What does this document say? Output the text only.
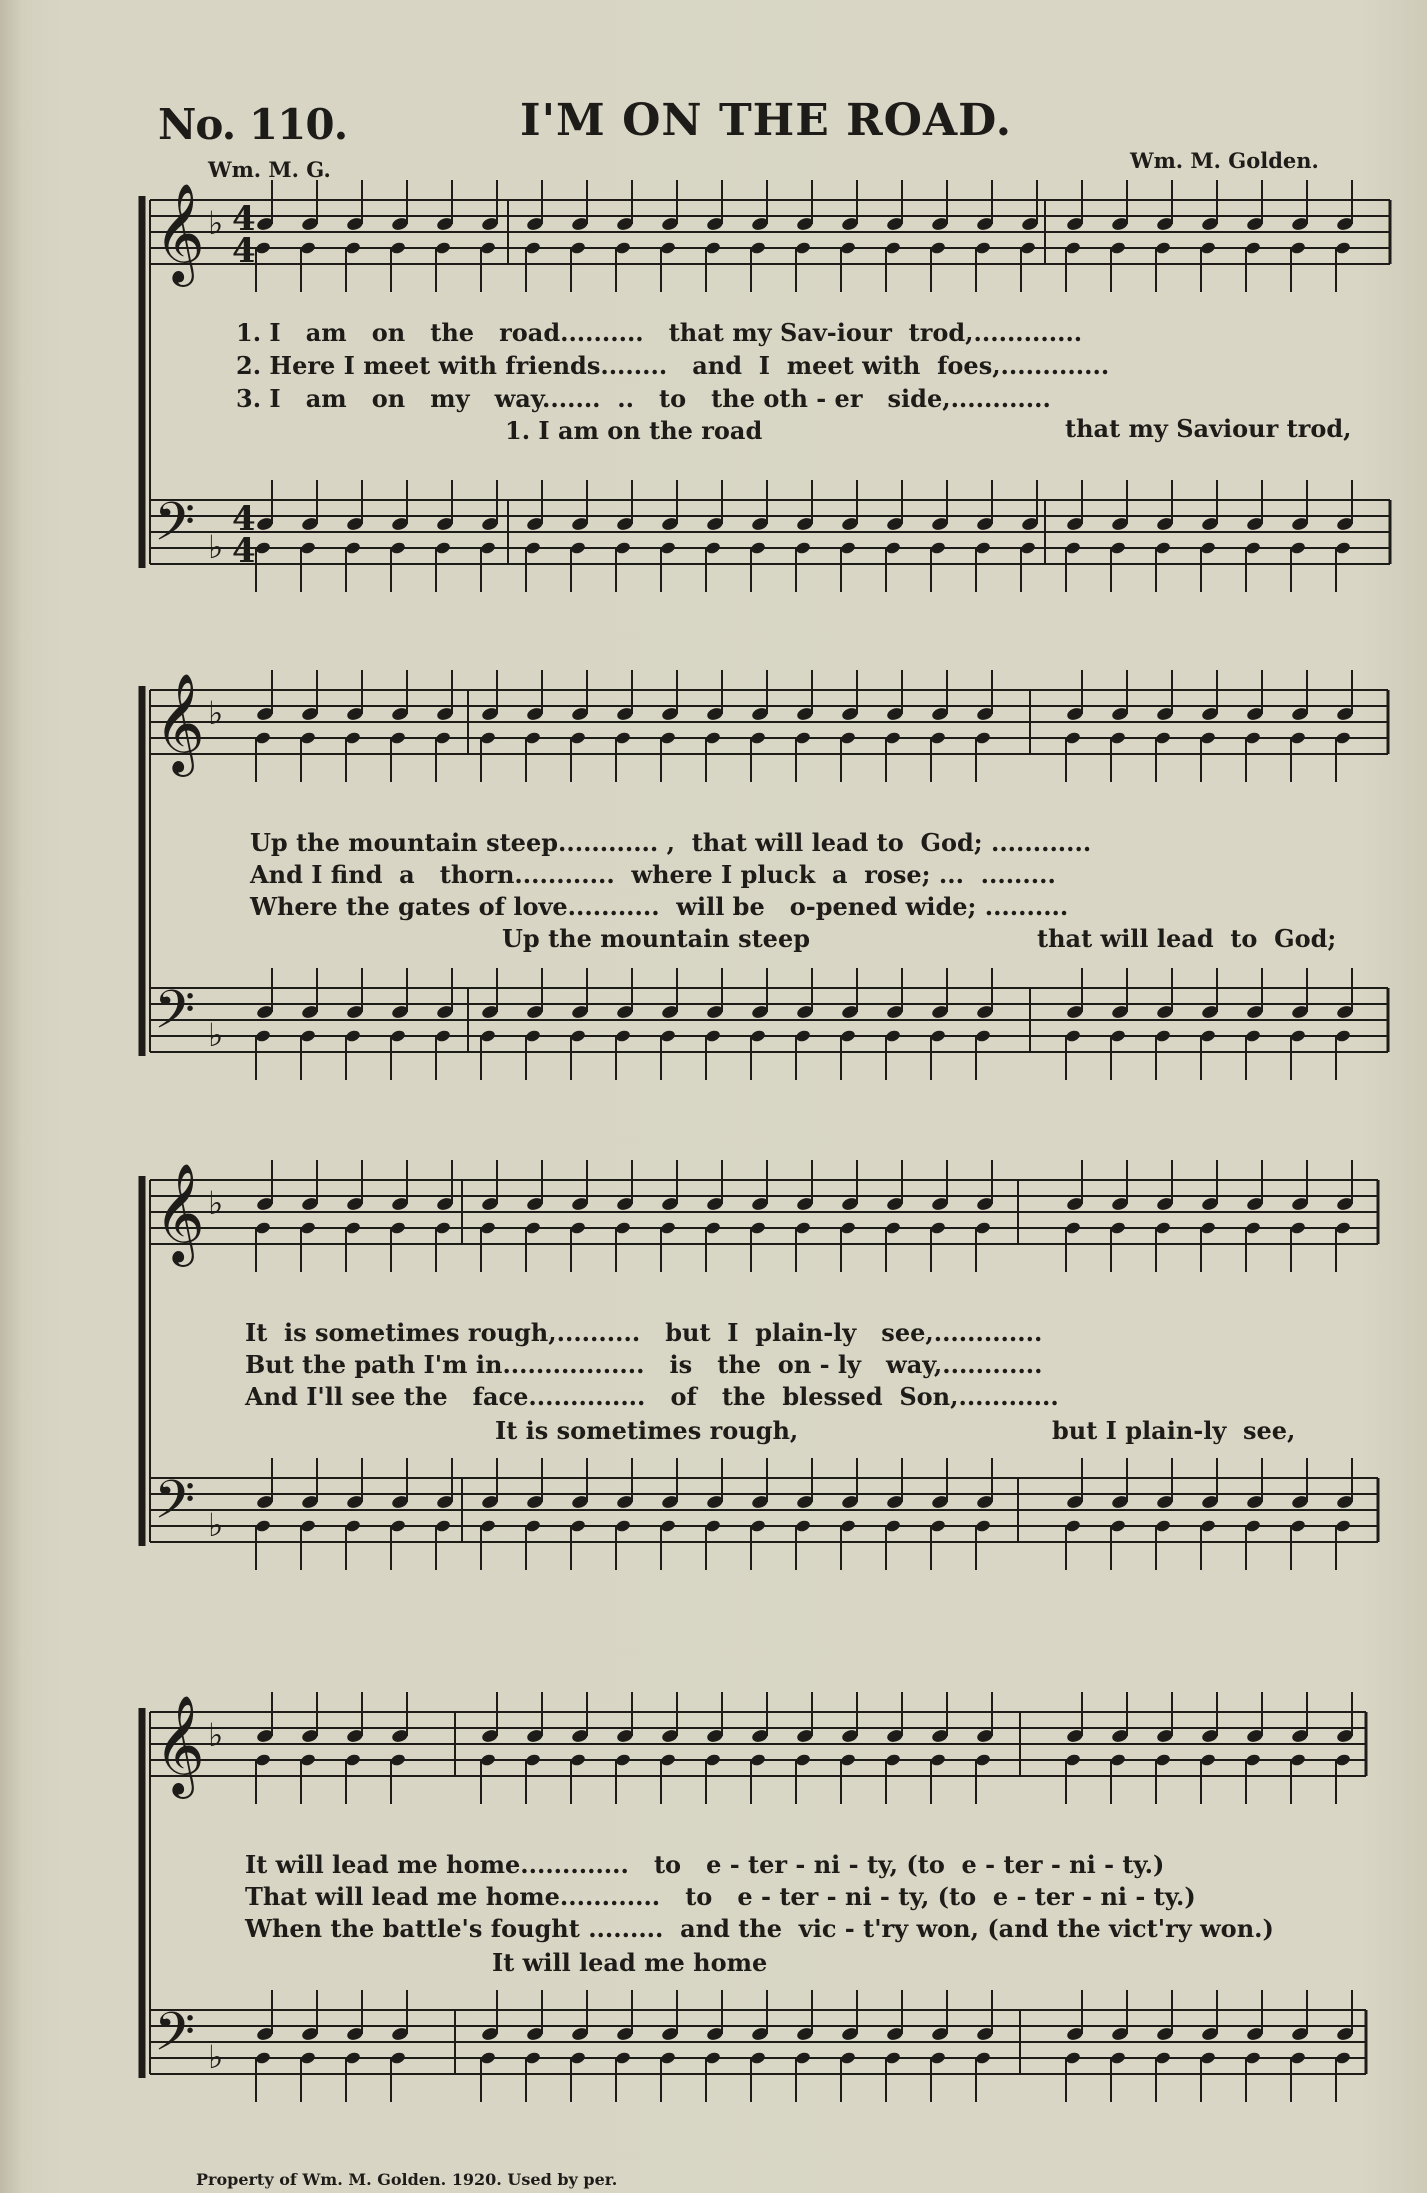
No. 110.	I'M ON THE ROAD.
Wm. M. G.	Wm. M. Golden.
𝄞 ♭
𝄢 ♭
𝄞 ♭
𝄢 ♭
𝄞 ♭
𝄢 ♭
𝄞 ♭
𝄢 ♭
4
4
4
4
1. I   am   on   the   road..........   that my Sav-iour  trod,.............
2. Here I meet with friends........   and  I  meet with  foes,.............
3. I   am   on   my   way.......  ..   to   the oth - er   side,............
1. I am on the road	that my Saviour trod,
Up the mountain steep............ ,  that will lead to  God; ............
And I find  a   thorn............  where I pluck  a  rose; ...  .........
Where the gates of love...........  will be   o-pened wide; ..........
Up the mountain steep	that will lead  to  God;
It  is sometimes rough,..........   but  I  plain-ly   see,.............
But the path I'm in.................   is   the  on - ly   way,............
And I'll see the   face..............   of   the  blessed  Son,............
It is sometimes rough,	but I plain-ly  see,
It will lead me home.............   to   e - ter - ni - ty, (to  e - ter - ni - ty.)
That will lead me home............   to   e - ter - ni - ty, (to  e - ter - ni - ty.)
When the battle's fought .........  and the  vic - t'ry won, (and the vict'ry won.)
It will lead me home
Property of Wm. M. Golden. 1920. Used by per.
